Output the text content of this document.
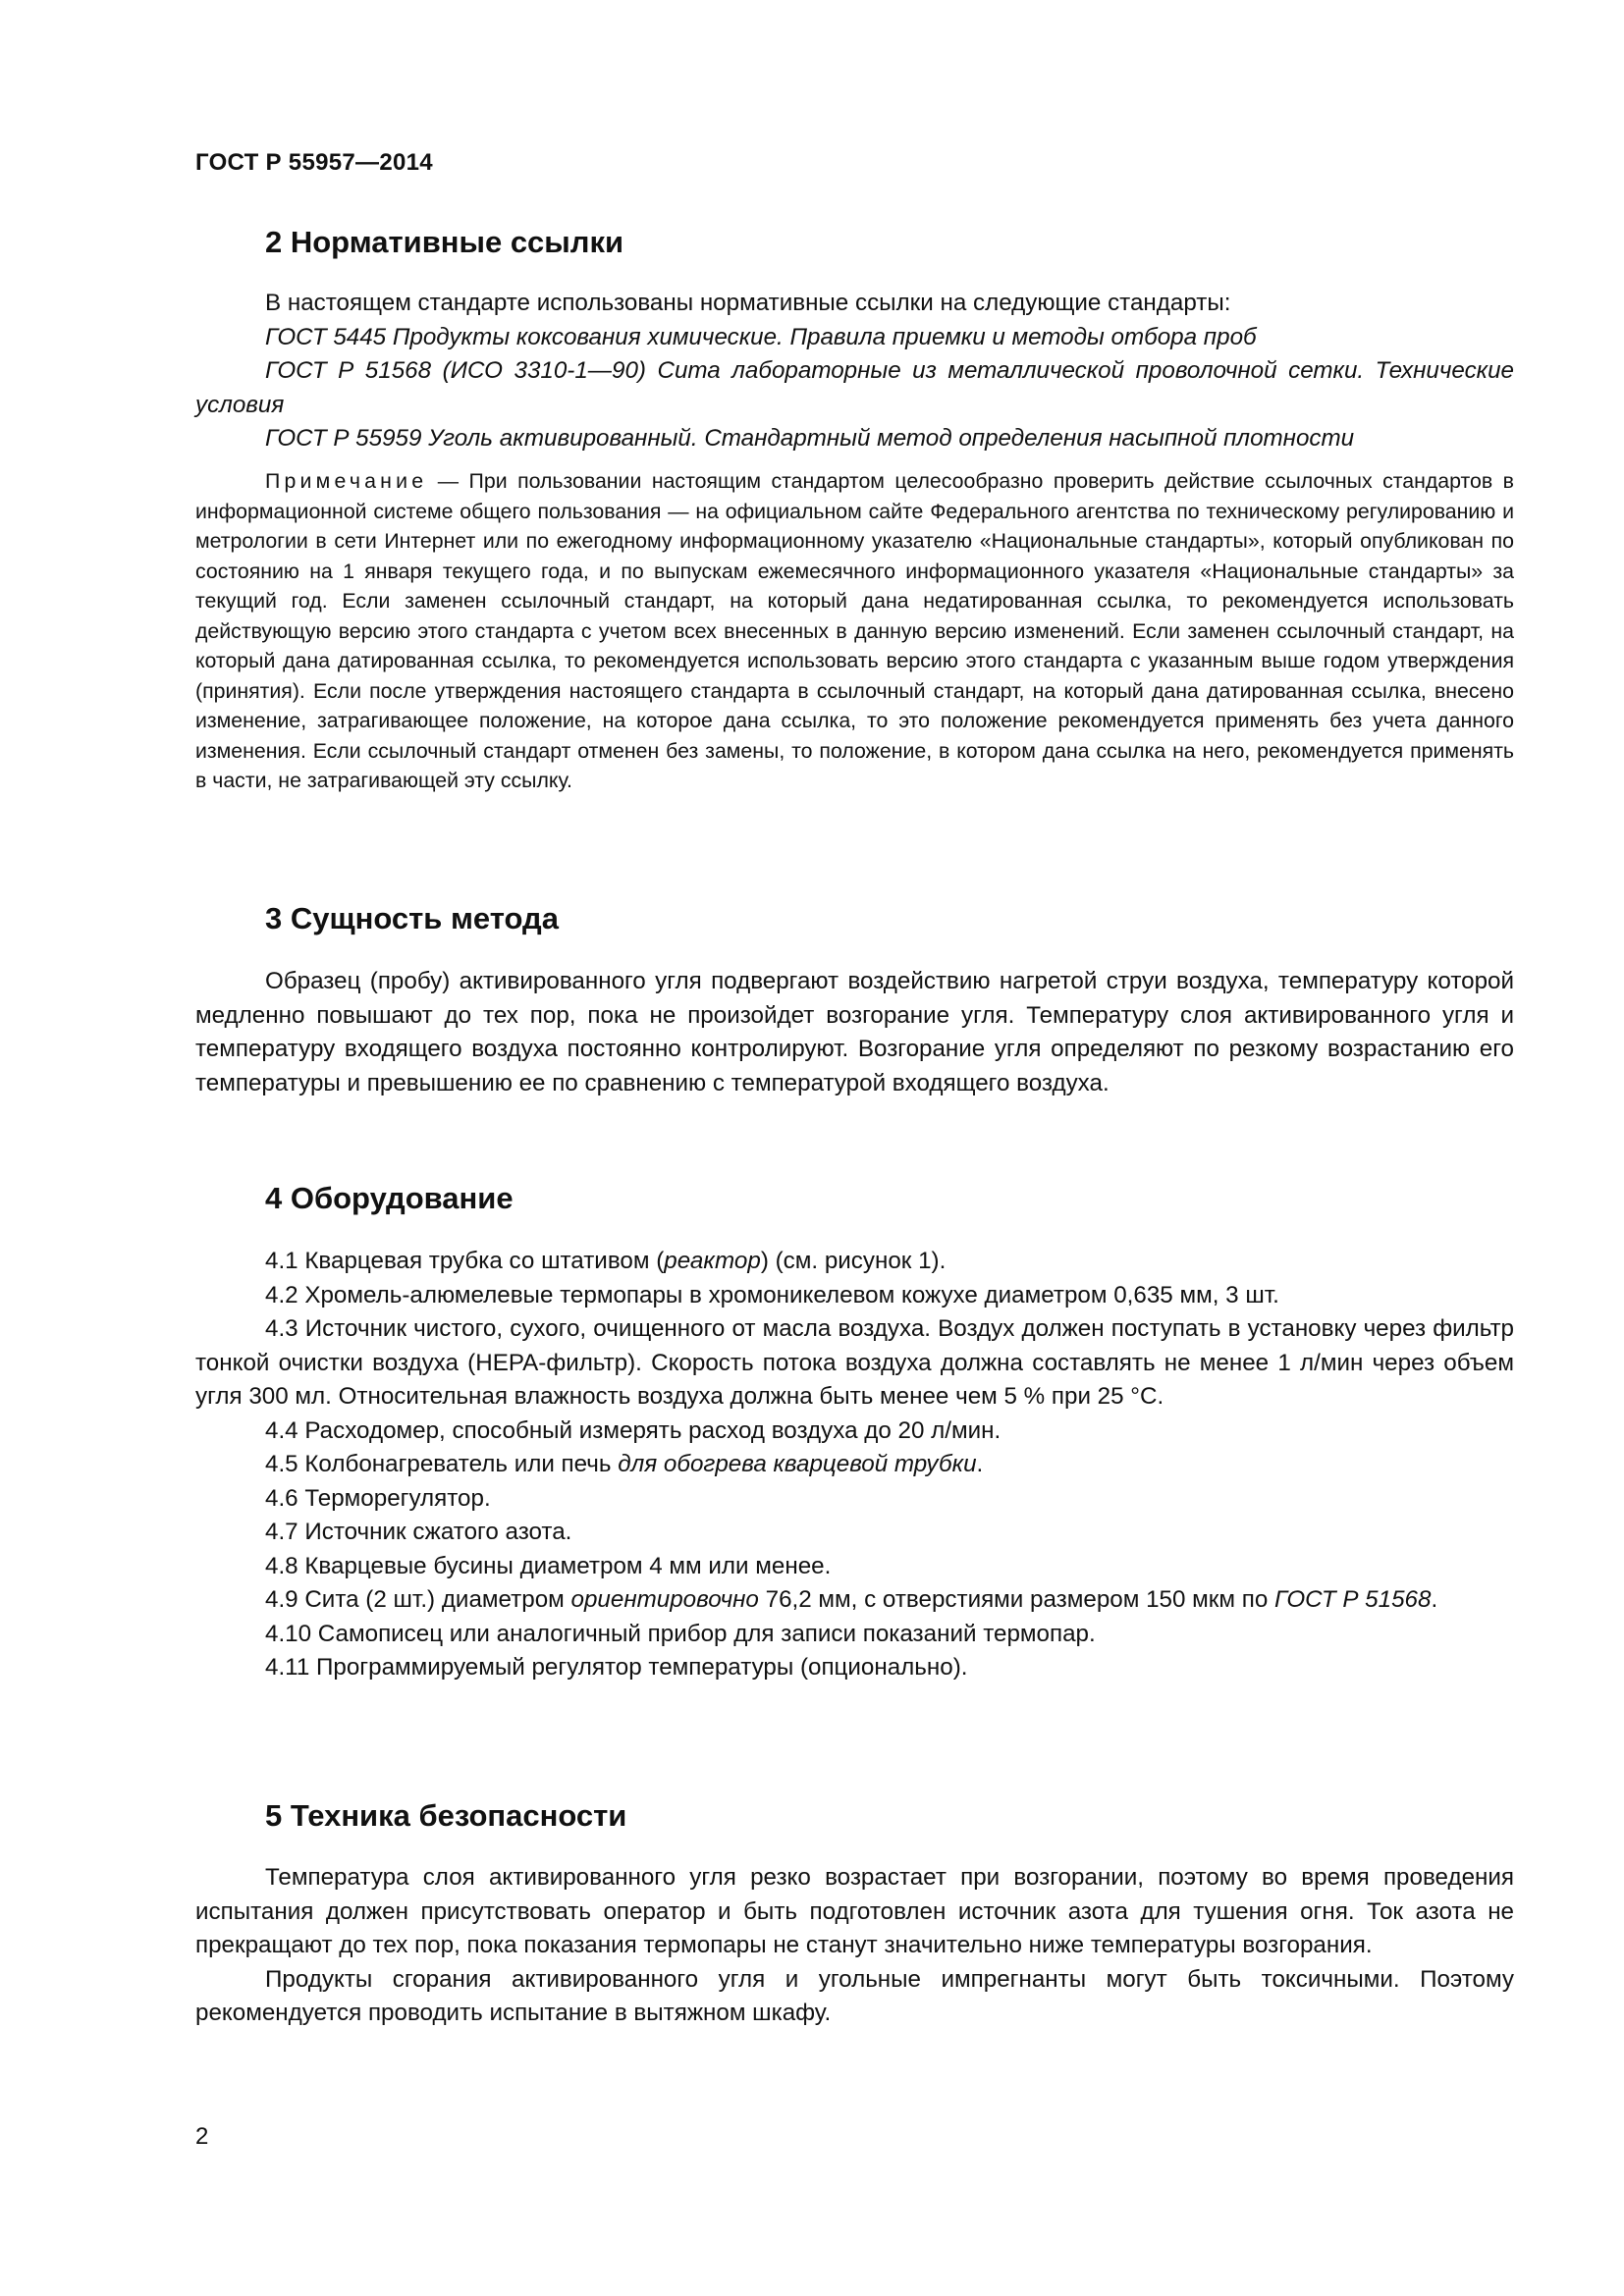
ГОСТ Р 55957—2014
2 Нормативные ссылки

В настоящем стандарте использованы нормативные ссылки на следующие стандарты:

ГОСТ 5445 Продукты коксования химические. Правила приемки и методы отбора проб

ГОСТ Р 51568 (ИСО 3310-1—90) Сита лабораторные из металлической проволочной сетки. Технические условия

ГОСТ Р 55959 Уголь активированный. Стандартный метод определения насыпной плотности

Примечание — При пользовании настоящим стандартом целесообразно проверить действие ссылочных стандартов в информационной системе общего пользования — на официальном сайте Федерального агентства по техническому регулированию и метрологии в сети Интернет или по ежегодному информационному указателю «Национальные стандарты», который опубликован по состоянию на 1 января текущего года, и по выпускам ежемесячного информационного указателя «Национальные стандарты» за текущий год. Если заменен ссылочный стандарт, на который дана недатированная ссылка, то рекомендуется использовать действующую версию этого стандарта с учетом всех внесенных в данную версию изменений. Если заменен ссылочный стандарт, на который дана датированная ссылка, то рекомендуется использовать версию этого стандарта с указанным выше годом утверждения (принятия). Если после утверждения настоящего стандарта в ссылочный стандарт, на который дана датированная ссылка, внесено изменение, затрагивающее положение, на которое дана ссылка, то это положение рекомендуется применять без учета данного изменения. Если ссылочный стандарт отменен без замены, то положение, в котором дана ссылка на него, рекомендуется применять в части, не затрагивающей эту ссылку.

3 Сущность метода

Образец (пробу) активированного угля подвергают воздействию нагретой струи воздуха, температуру которой медленно повышают до тех пор, пока не произойдет возгорание угля. Температуру слоя активированного угля и температуру входящего воздуха постоянно контролируют. Возгорание угля определяют по резкому возрастанию его температуры и превышению ее по сравнению с температурой входящего воздуха.

4 Оборудование

4.1 Кварцевая трубка со штативом (реактор) (см. рисунок 1).

4.2 Хромель-алюмелевые термопары в хромоникелевом кожухе диаметром 0,635 мм, 3 шт.

4.3 Источник чистого, сухого, очищенного от масла воздуха. Воздух должен поступать в установку через фильтр тонкой очистки воздуха (HEPA-фильтр). Скорость потока воздуха должна составлять не менее 1 л/мин через объем угля 300 мл. Относительная влажность воздуха должна быть менее чем 5 % при 25 °C.

4.4 Расходомер, способный измерять расход воздуха до 20 л/мин.

4.5 Колбонагреватель или печь для обогрева кварцевой трубки.

4.6 Терморегулятор.

4.7 Источник сжатого азота.

4.8 Кварцевые бусины диаметром 4 мм или менее.

4.9 Сита (2 шт.) диаметром ориентировочно 76,2 мм, с отверстиями размером 150 мкм по ГОСТ Р 51568.

4.10 Самописец или аналогичный прибор для записи показаний термопар.

4.11 Программируемый регулятор температуры (опционально).

5 Техника безопасности

Температура слоя активированного угля резко возрастает при возгорании, поэтому во время проведения испытания должен присутствовать оператор и быть подготовлен источник азота для тушения огня. Ток азота не прекращают до тех пор, пока показания термопары не станут значительно ниже температуры возгорания.

Продукты сгорания активированного угля и угольные импрегнанты могут быть токсичными. Поэтому рекомендуется проводить испытание в вытяжном шкафу.

2
